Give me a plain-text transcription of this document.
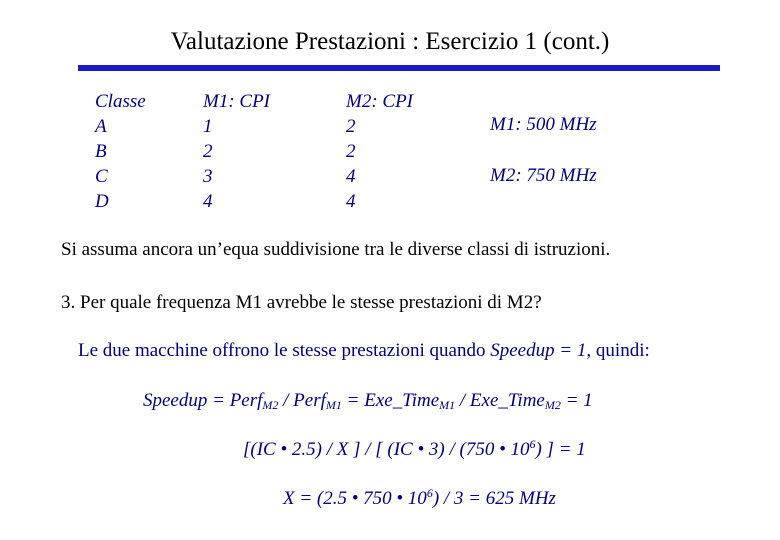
Valutazione Prestazioni : Esercizio 1 (cont.)
Classe
A
B
C
D
M1: CPI
1
2
3
4
M2: CPI
2
2
4
4
M1: 500 MHz
M2: 750 MHz
Si assuma ancora un’equa suddivisione tra le diverse classi di istruzioni.
3. Per quale frequenza M1 avrebbe le stesse prestazioni di M2?
Le due macchine offrono le stesse prestazioni quando Speedup = 1, quindi:
Speedup = Perf$_{M2}$ / Perf$_{M1}$ = Exe_Time$_{M1}$ / Exe_Time$_{M2}$ = 1
[(IC • 2.5) / X ] / [ (IC • 3) / (750 • $10^6$) ] = 1
X = (2.5 • 750 • $10^6) / 3 = 625$ MHz
